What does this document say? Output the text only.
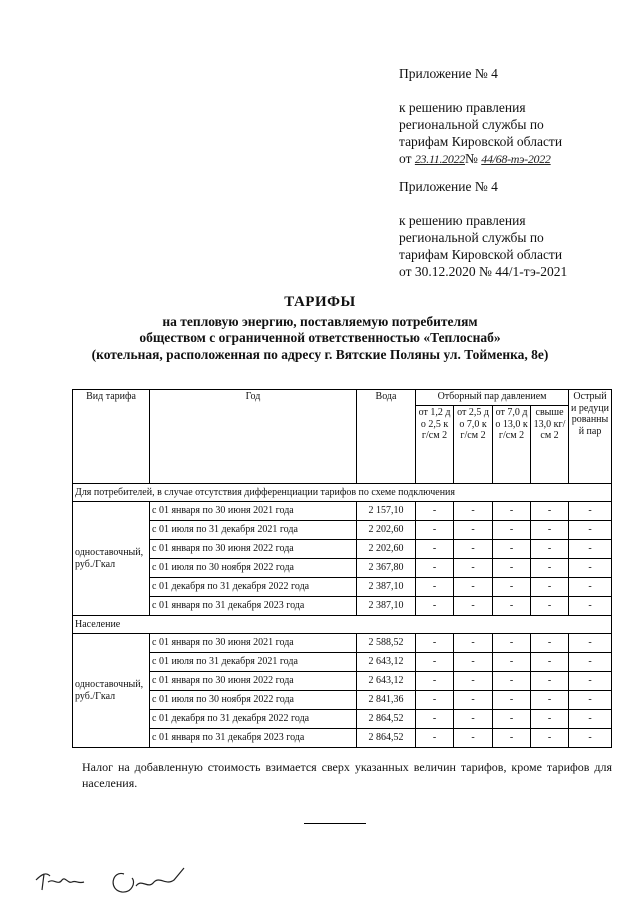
Приложение № 4
к решению правления
региональной службы по
тарифам Кировской области
от 23.11.2022№ 44/68-тэ-2022
Приложение № 4
к решению правления
региональной службы по
тарифам Кировской области
от 30.12.2020 № 44/1-тэ-2021
ТАРИФЫ
на тепловую энергию, поставляемую потребителям
обществом с ограниченной ответственностью «Теплоснаб»
(котельная, расположенная по адресу г. Вятские Поляны ул. Тойменка, 8е)
Вид тарифа	Год	Вода	Отборный пар давлением				Острый и редуцированный пар
			от 1,2 до 2,5 кг/см 2	от 2,5 до 7,0 кг/см 2	от 7,0 до 13,0 кг/см 2	свыше 13,0 кг/см 2	
Для потребителей, в случае отсутствия дифференциации тарифов по схеме подключения							
одноставочный, руб./Гкал	с 01 января по 30 июня 2021 года	2 157,10	-	-	-	-	-
	с 01 июля по 31 декабря 2021 года	2 202,60	-	-	-	-	-
	с 01 января по 30 июня 2022 года	2 202,60	-	-	-	-	-
	с 01 июля по 30 ноября 2022 года	2 367,80	-	-	-	-	-
	с 01 декабря по 31 декабря 2022 года	2 387,10	-	-	-	-	-
	с 01 января по 31 декабря 2023 года	2 387,10	-	-	-	-	-
Население							
одноставочный, руб./Гкал	с 01 января по 30 июня 2021 года	2 588,52	-	-	-	-	-
	с 01 июля по 31 декабря 2021 года	2 643,12	-	-	-	-	-
	с 01 января по 30 июня 2022 года	2 643,12	-	-	-	-	-
	с 01 июля по 30 ноября 2022 года	2 841,36	-	-	-	-	-
	с 01 декабря по 31 декабря 2022 года	2 864,52	-	-	-	-	-
	с 01 января по 31 декабря 2023 года	2 864,52	-	-	-	-	-
Налог на добавленную стоимость взимается сверх указанных величин тарифов, кроме тарифов для населения.
